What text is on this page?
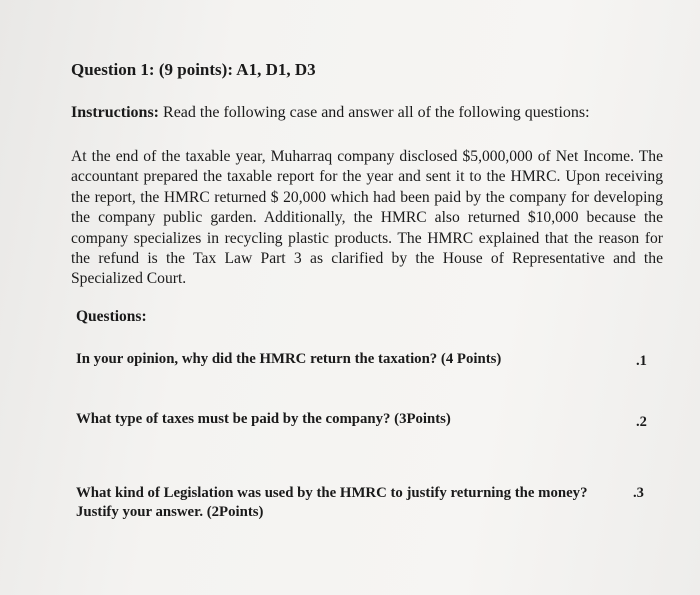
Question 1: (9 points): A1, D1, D3
Instructions: Read the following case and answer all of the following questions:
At the end of the taxable year, Muharraq company disclosed $5,000,000 of Net Income. The accountant prepared the taxable report for the year and sent it to the HMRC. Upon receiving the report, the HMRC returned $ 20,000 which had been paid by the company for developing the company public garden. Additionally, the HMRC also returned $10,000 because the company specializes in recycling plastic products. The HMRC explained that the reason for the refund is the Tax Law Part 3 as clarified by the House of Representative and the Specialized Court.
Questions:
In your opinion, why did the HMRC return the taxation? (4 Points)	.1
What type of taxes must be paid by the company? (3Points)	.2
What kind of Legislation was used by the HMRC to justify returning the money?
Justify your answer. (2Points)
.3
